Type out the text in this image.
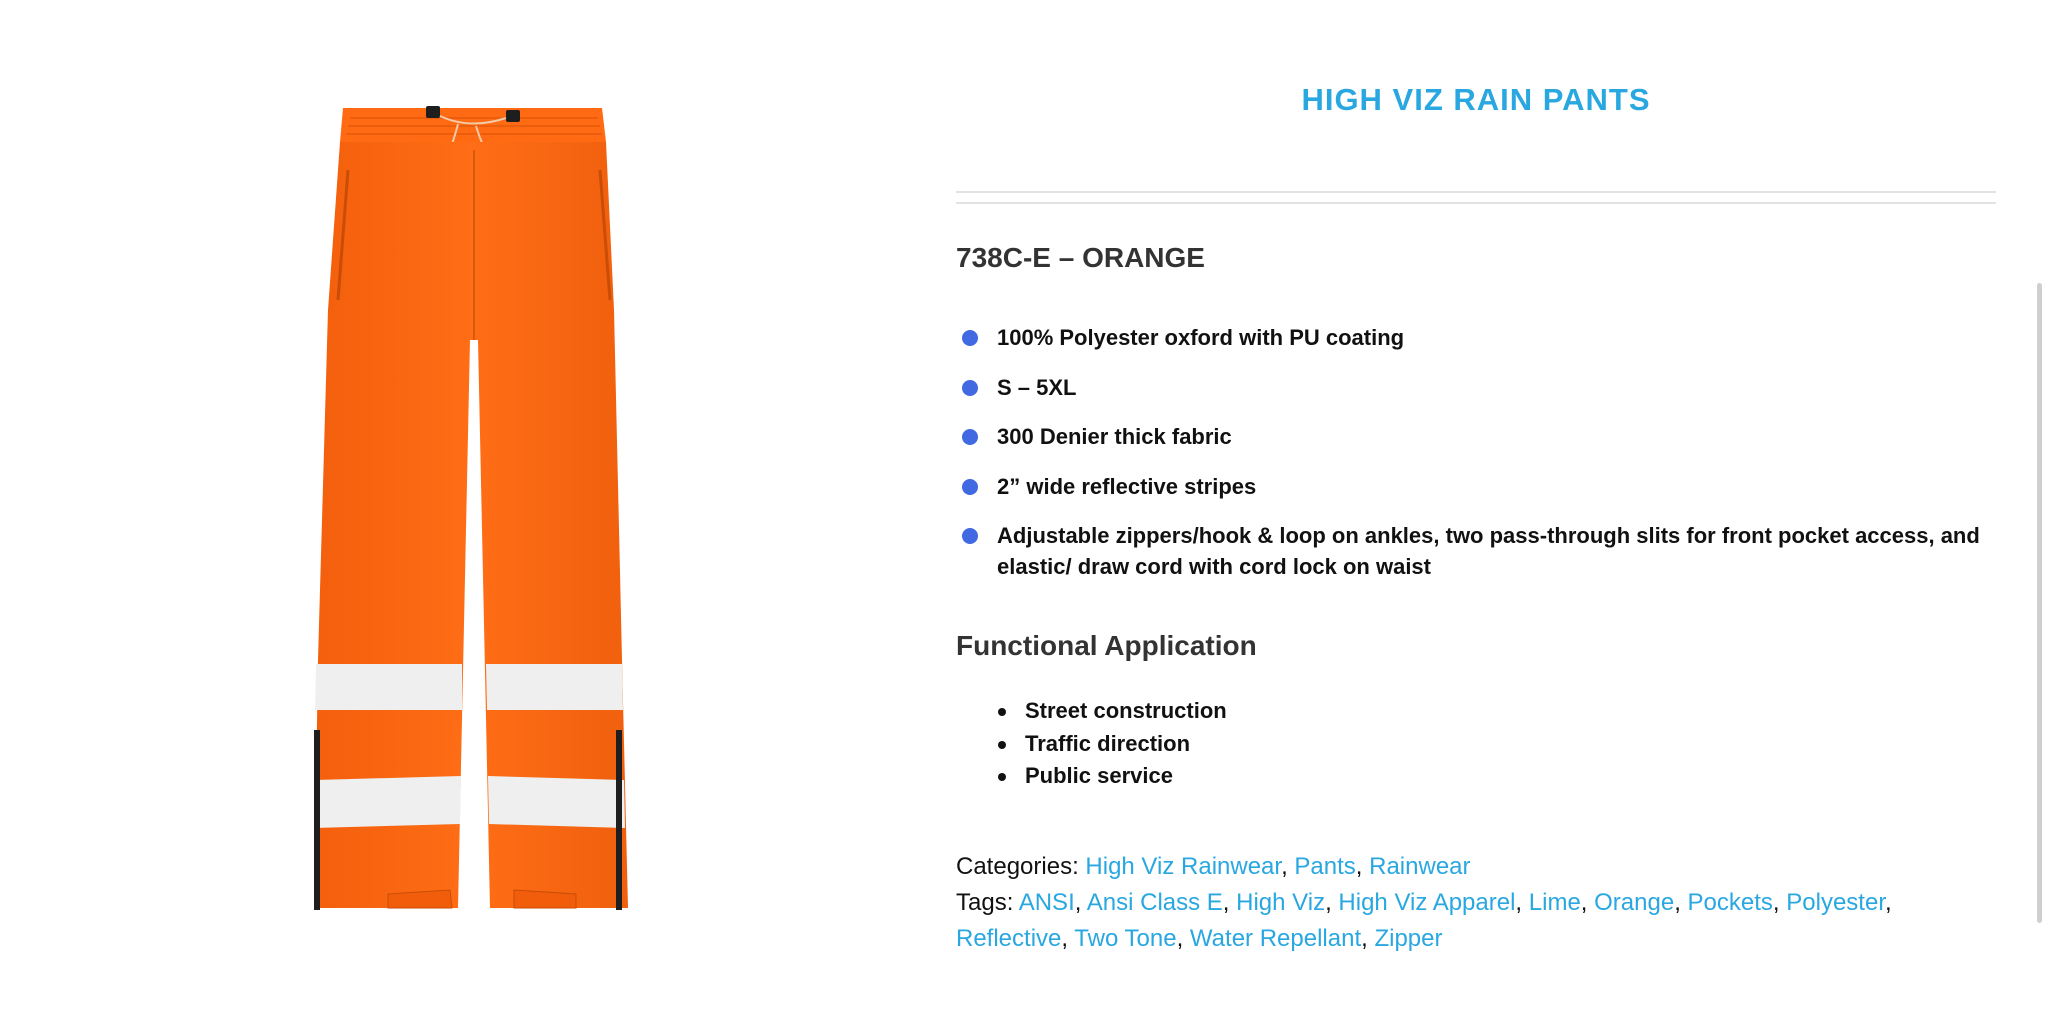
HIGH VIZ RAIN PANTS
738C-E – ORANGE
100% Polyester oxford with PU coating
S – 5XL
300 Denier thick fabric
2” wide reflective stripes
Adjustable zippers/hook & loop on ankles, two pass-through slits for front pocket access, and elastic/ draw cord with cord lock on waist
Functional Application
Street construction
Traffic direction
Public service
Categories: High Viz Rainwear, Pants, Rainwear
Tags: ANSI, Ansi Class E, High Viz, High Viz Apparel, Lime, Orange, Pockets, Polyester, Reflective, Two Tone, Water Repellant, Zipper
